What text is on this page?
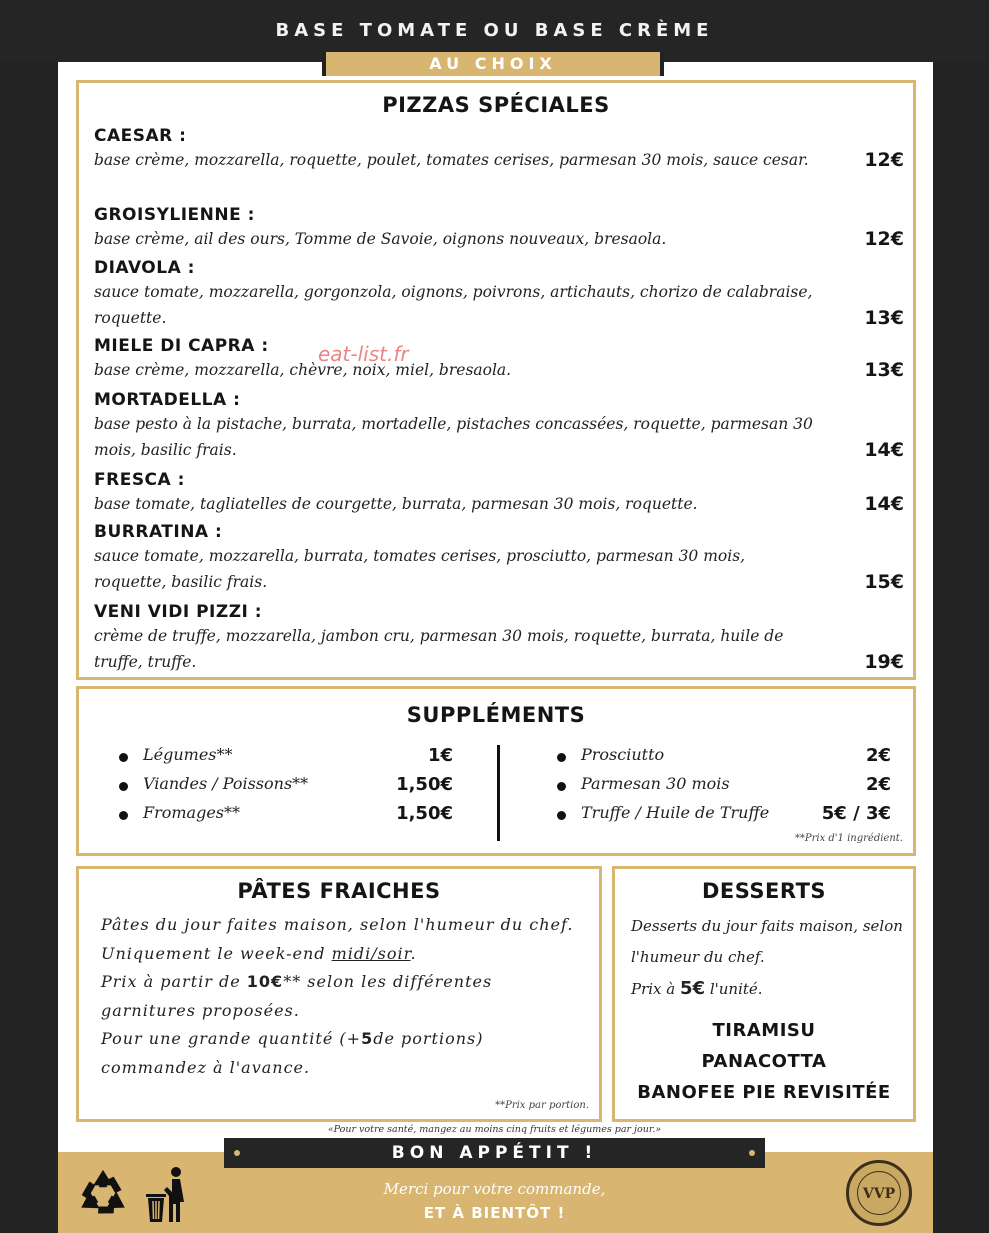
BASE TOMATE OU BASE CRÈME
AU CHOIX
PIZZAS SPÉCIALES
CAESAR :
base crème, mozzarella, roquette, poulet, tomates cerises, parmesan 30 mois, sauce cesar.	12€
GROISYLIENNE :
base crème, ail des ours, Tomme de Savoie, oignons nouveaux, bresaola.	12€
DIAVOLA :
sauce tomate, mozzarella, gorgonzola, oignons, poivrons, artichauts, chorizo de calabraise, roquette.	13€
MIELE DI CAPRA :
base crème, mozzarella, chèvre, noix, miel, bresaola.	13€
MORTADELLA :
base pesto à la pistache, burrata, mortadelle, pistaches concassées, roquette, parmesan 30 mois, basilic frais.	14€
FRESCA :
base tomate, tagliatelles de courgette, burrata, parmesan 30 mois, roquette.	14€
BURRATINA :
sauce tomate, mozzarella, burrata, tomates cerises, prosciutto, parmesan 30 mois, roquette, basilic frais.	15€
VENI VIDI PIZZI :
crème de truffe, mozzarella, jambon cru, parmesan 30 mois, roquette, burrata, huile de truffe, truffe.	19€
eat-list.fr
SUPPLÉMENTS
Légumes**	1€
Viandes / Poissons**	1,50€
Fromages**	1,50€
Prosciutto	2€
Parmesan 30 mois	2€
Truffe / Huile de Truffe	5€ / 3€
**Prix d'1 ingrédient.
PÂTES FRAICHES
Pâtes du jour faites maison, selon l'humeur du chef.
Uniquement le week-end midi/soir.
Prix à partir de 10€** selon les différentes garnitures proposées.
Pour une grande quantité (+5de portions) commandez à l'avance.
**Prix par portion.
DESSERTS
Desserts du jour faits maison, selon l'humeur du chef.
Prix à 5€ l'unité.
TIRAMISU
PANACOTTA
BANOFEE PIE REVISITÉE
«Pour votre santé, mangez au moins cinq fruits et légumes par jour.»
BON APPÉTIT !
Merci pour votre commande,
ET À BIENTÔT !
VVP
